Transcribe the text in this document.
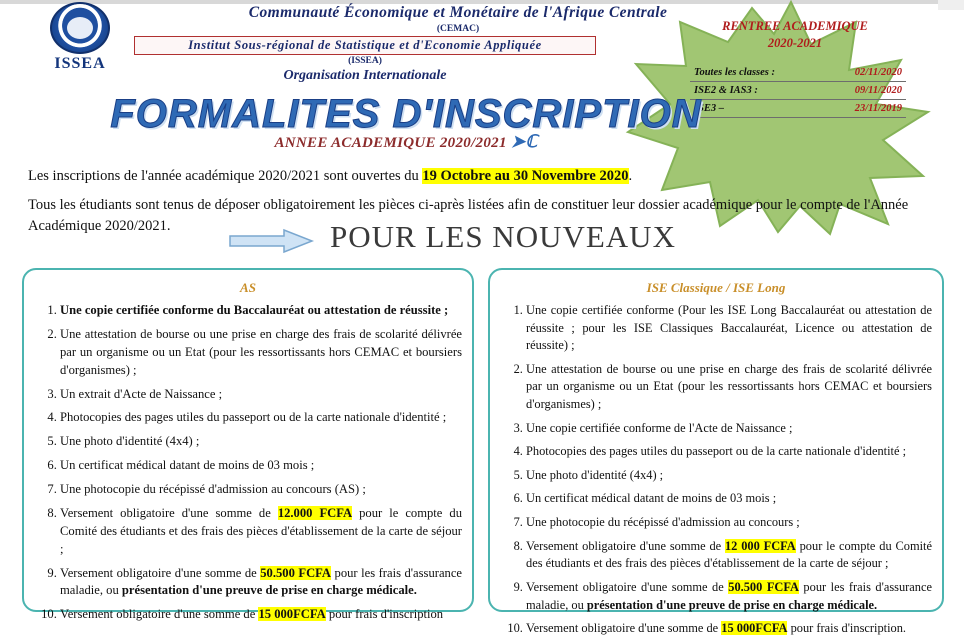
RENTREE ACADEMIQUE
2020-2021
Toutes les classes :	02/11/2020
ISE2 & IAS3 :	09/11/2020
ISE3 –	23/11/2019
ISSEA
Communauté Économique et Monétaire de l'Afrique Centrale
(CEMAC)
Institut Sous-régional de Statistique et d'Economie Appliquée
(ISSEA)
Organisation Internationale
FORMALITES D'INSCRIPTION
ANNEE ACADEMIQUE 2020/2021 ➤ℂ
Les inscriptions de l'année académique 2020/2021 sont ouvertes du 19 Octobre au 30 Novembre 2020.
Tous les étudiants sont tenus de déposer obligatoirement les pièces ci-après listées afin de constituer leur dossier académique pour le compte de l'Année Académique 2020/2021.	POUR LES NOUVEAUX
AS
1. Une copie certifiée conforme du Baccalauréat ou attestation de réussite ;
2. Une attestation de bourse ou une prise en charge des frais de scolarité délivrée par un organisme ou un Etat (pour les ressortissants hors CEMAC et boursiers d'organismes) ;
3. Un extrait d'Acte de Naissance ;
4. Photocopies des pages utiles du passeport ou de la carte nationale d'identité ;
5. Une photo d'identité (4x4) ;
6. Un certificat médical datant de moins de 03 mois ;
7. Une photocopie du récépissé d'admission au concours (AS) ;
8. Versement obligatoire d'une somme de 12.000 FCFA pour le compte du Comité des étudiants et des frais des pièces d'établissement de la carte de séjour ;
9. Versement obligatoire d'une somme de 50.500 FCFA pour les frais d'assurance maladie, ou présentation d'une preuve de prise en charge médicale.
10. Versement obligatoire d'une somme de 15 000FCFA pour frais d'inscription
ISE Classique / ISE Long
1. Une copie certifiée conforme (Pour les ISE Long Baccalauréat ou attestation de réussite ; pour les ISE Classiques Baccalauréat, Licence ou attestation de réussite) ;
2. Une attestation de bourse ou une prise en charge des frais de scolarité délivrée par un organisme ou un Etat (pour les ressortissants hors CEMAC et boursiers d'organismes) ;
3. Une copie certifiée conforme de l'Acte de Naissance ;
4. Photocopies des pages utiles du passeport ou de la carte nationale d'identité ;
5. Une photo d'identité (4x4) ;
6. Un certificat médical datant de moins de 03 mois ;
7. Une photocopie du récépissé d'admission au concours ;
8. Versement obligatoire d'une somme de 12 000 FCFA pour le compte du Comité des étudiants et des frais des pièces d'établissement de la carte de séjour ;
9. Versement obligatoire d'une somme de 50.500 FCFA pour les frais d'assurance maladie, ou présentation d'une preuve de prise en charge médicale.
10. Versement obligatoire d'une somme de 15 000FCFA pour frais d'inscription.
